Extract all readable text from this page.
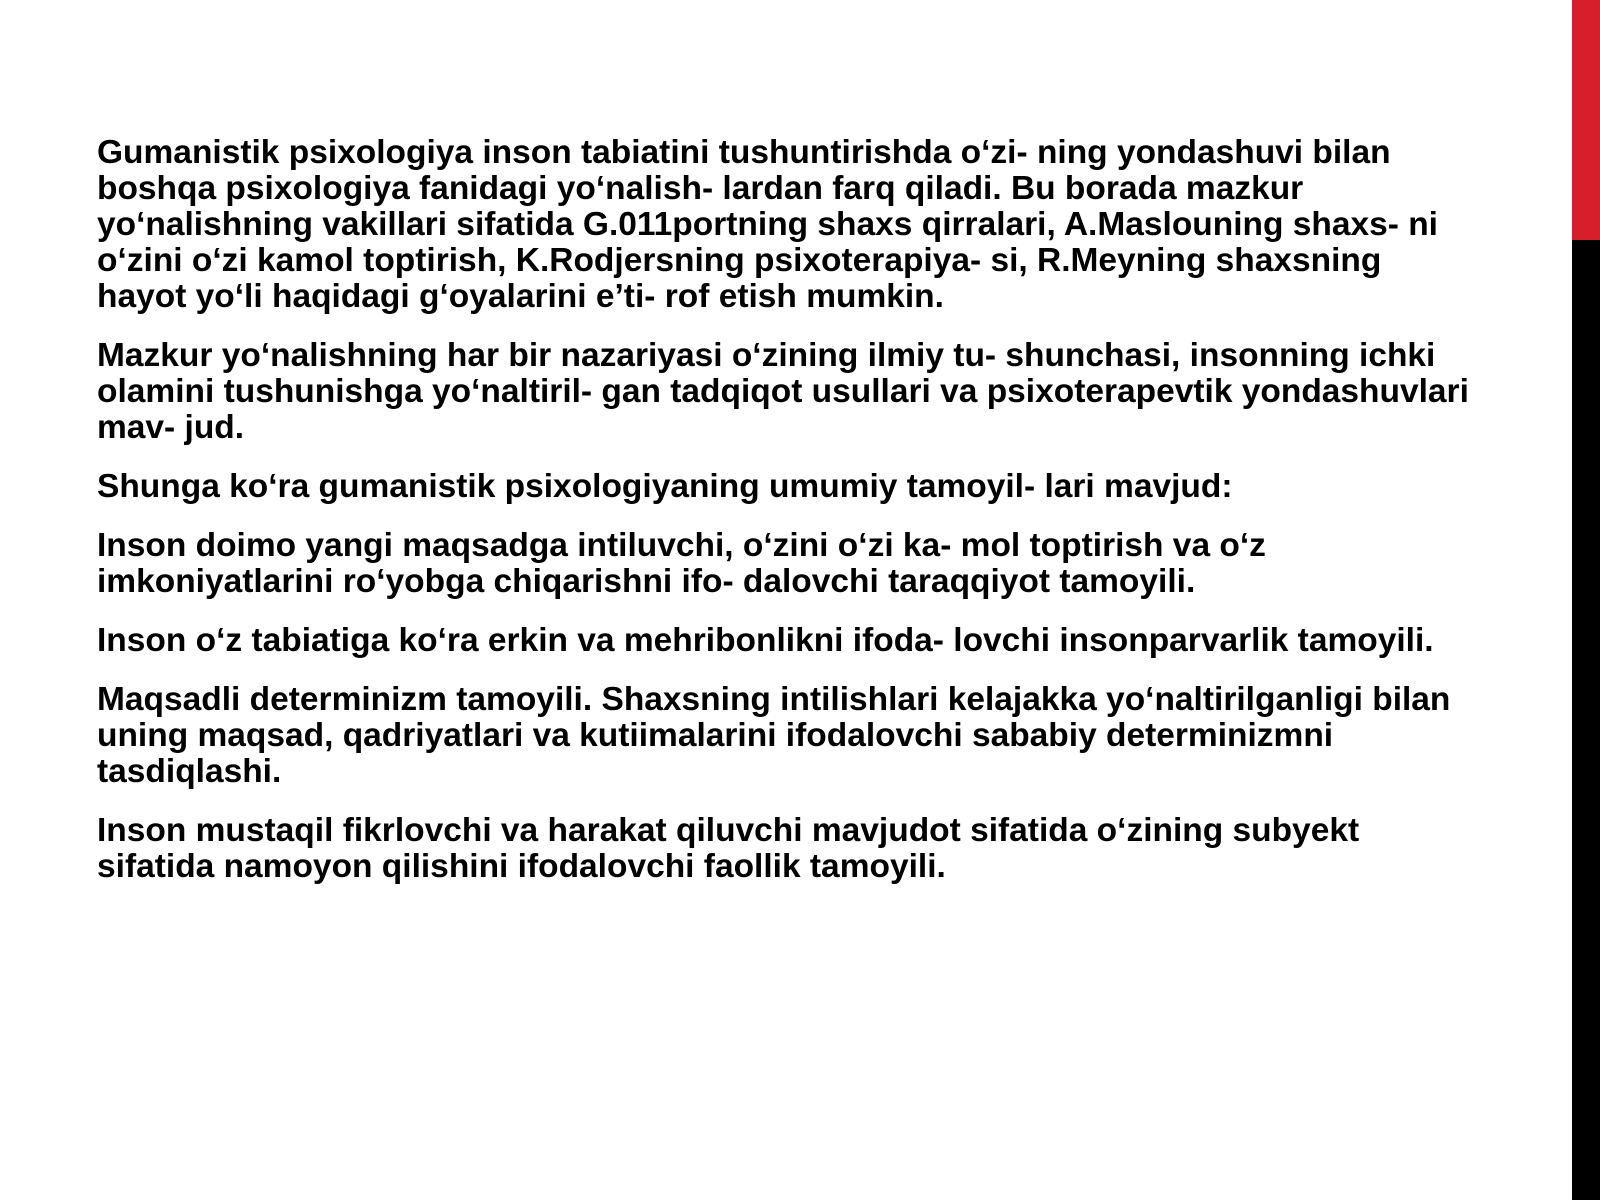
Gumanistik psixologiya inson tabiatini tushuntirishda o‘zi- ning yondashuvi bilan boshqa psixologiya fanidagi yo‘nalish- lardan farq qiladi. Bu borada mazkur yo‘nalishning vakillari sifatida G.011portning shaxs qirralari, A.Maslouning shaxs- ni o‘zini o‘zi kamol toptirish, K.Rodjersning psixoterapiya- si, R.Meyning shaxsning hayot yo‘li haqidagi g‘oyalarini e’ti- rof etish mumkin.

Mazkur yo‘nalishning har bir nazariyasi o‘zining ilmiy tu- shunchasi, insonning ichki olamini tushunishga yo‘naltiril- gan tadqiqot usullari va psixoterapevtik yondashuvlari mav- jud.

Shunga ko‘ra gumanistik psixologiyaning umumiy tamoyil- lari mavjud:

Inson doimo yangi maqsadga intiluvchi, o‘zini o‘zi ka- mol toptirish va o‘z imkoniyatlarini ro‘yobga chiqarishni ifo- dalovchi taraqqiyot tamoyili.

Inson o‘z tabiatiga ko‘ra erkin va mehribonlikni ifoda- lovchi insonparvarlik tamoyili.

Maqsadli determinizm tamoyili. Shaxsning intilishlari kelajakka yo‘naltirilganligi bilan uning maqsad, qadriyatlari va kutiimalarini ifodalovchi sababiy determinizmni tasdiqlashi.

Inson mustaqil fikrlovchi va harakat qiluvchi mavjudot sifatida o‘zining subyekt sifatida namoyon qilishini ifodalovchi faollik tamoyili.
